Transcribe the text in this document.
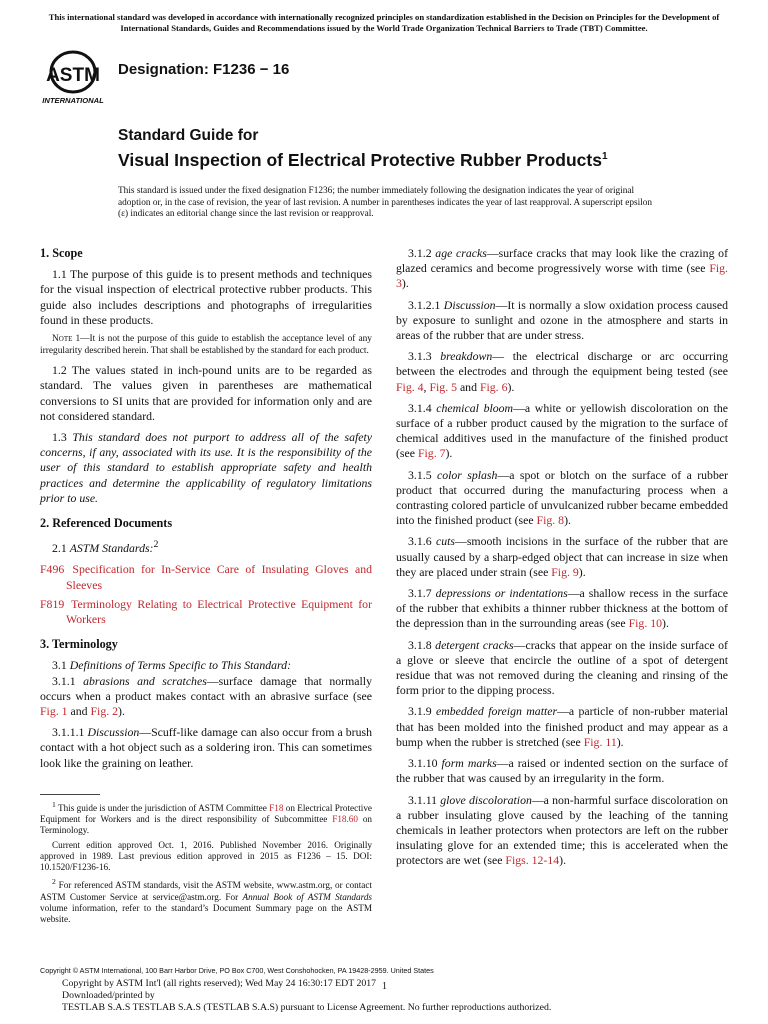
This international standard was developed in accordance with internationally recognized principles on standardization established in the Decision on Principles for the Development of International Standards, Guides and Recommendations issued by the World Trade Organization Technical Barriers to Trade (TBT) Committee.
ASTM
INTERNATIONAL
Designation: F1236 − 16
Standard Guide for
Visual Inspection of Electrical Protective Rubber Products$^1$
This standard is issued under the fixed designation F1236; the number immediately following the designation indicates the year of original adoption or, in the case of revision, the year of last revision. A number in parentheses indicates the year of last reapproval. A superscript epsilon (ε) indicates an editorial change since the last revision or reapproval.
1. Scope

1.1 The purpose of this guide is to present methods and techniques for the visual inspection of electrical protective rubber products. This guide also includes descriptions and photographs of irregularities found in these products.

Note 1—It is not the purpose of this guide to establish the acceptance level of any irregularity described herein. That shall be established by the standard for each product.

1.2 The values stated in inch-pound units are to be regarded as standard. The values given in parentheses are mathematical conversions to SI units that are provided for information only and are not considered standard.

1.3 This standard does not purport to address all of the safety concerns, if any, associated with its use. It is the responsibility of the user of this standard to establish appropriate safety and health practices and determine the applicability of regulatory limitations prior to use.

2. Referenced Documents

2.1 ASTM Standards:$^2$

F496 Specification for In-Service Care of Insulating Gloves and Sleeves

F819 Terminology Relating to Electrical Protective Equipment for Workers

3. Terminology

3.1 Definitions of Terms Specific to This Standard:

3.1.1 abrasions and scratches—surface damage that normally occurs when a product makes contact with an abrasive surface (see Fig. 1 and Fig. 2).

3.1.1.1 Discussion—Scuff-like damage can also occur from a brush contact with a hot object such as a soldering iron. This can sometimes look like the graining on leather.

$^1$ This guide is under the jurisdiction of ASTM Committee F18 on Electrical Protective Equipment for Workers and is the direct responsibility of Subcommittee F18.60 on Terminology.

Current edition approved Oct. 1, 2016. Published November 2016. Originally approved in 1989. Last previous edition approved in 2015 as F1236 – 15. DOI: 10.1520/F1236-16.

$^2$ For referenced ASTM standards, visit the ASTM website, www.astm.org, or contact ASTM Customer Service at service@astm.org. For Annual Book of ASTM Standards volume information, refer to the standard’s Document Summary page on the ASTM website.

3.1.2 age cracks—surface cracks that may look like the crazing of glazed ceramics and become progressively worse with time (see Fig. 3).

3.1.2.1 Discussion—It is normally a slow oxidation process caused by exposure to sunlight and ozone in the atmosphere and starts in areas of the rubber that are under stress.

3.1.3 breakdown— the electrical discharge or arc occurring between the electrodes and through the equipment being tested (see Fig. 4, Fig. 5 and Fig. 6).

3.1.4 chemical bloom—a white or yellowish discoloration on the surface of a rubber product caused by the migration to the surface of chemical additives used in the manufacture of the finished product (see Fig. 7).

3.1.5 color splash—a spot or blotch on the surface of a rubber product that occurred during the manufacturing process when a contrasting colored particle of unvulcanized rubber became embedded into the finished product (see Fig. 8).

3.1.6 cuts—smooth incisions in the surface of the rubber that are usually caused by a sharp-edged object that can increase in size when they are placed under strain (see Fig. 9).

3.1.7 depressions or indentations—a shallow recess in the surface of the rubber that exhibits a thinner rubber thickness at the bottom of the depression than in the surrounding areas (see Fig. 10).

3.1.8 detergent cracks—cracks that appear on the inside surface of a glove or sleeve that encircle the outline of a spot of detergent residue that was not removed during the cleaning and rinsing of the form prior to the dipping process.

3.1.9 embedded foreign matter—a particle of non-rubber material that has been molded into the finished product and may appear as a bump when the rubber is stretched (see Fig. 11).

3.1.10 form marks—a raised or indented section on the surface of the rubber that was caused by an irregularity in the form.

3.1.11 glove discoloration—a non-harmful surface discoloration on a rubber insulating glove caused by the leaching of the tanning chemicals in leather protectors when protectors are left on the rubber insulating glove for an extended time; this is accelerated when the protectors are wet (see Figs. 12-14).

Copyright © ASTM International, 100 Barr Harbor Drive, PO Box C700, West Conshohocken, PA 19428-2959. United States
Copyright by ASTM Int'l (all rights reserved); Wed May 24 16:30:17 EDT 2017
Downloaded/printed by
TESTLAB S.A.S TESTLAB S.A.S (TESTLAB S.A.S) pursuant to License Agreement. No further reproductions authorized.
1
